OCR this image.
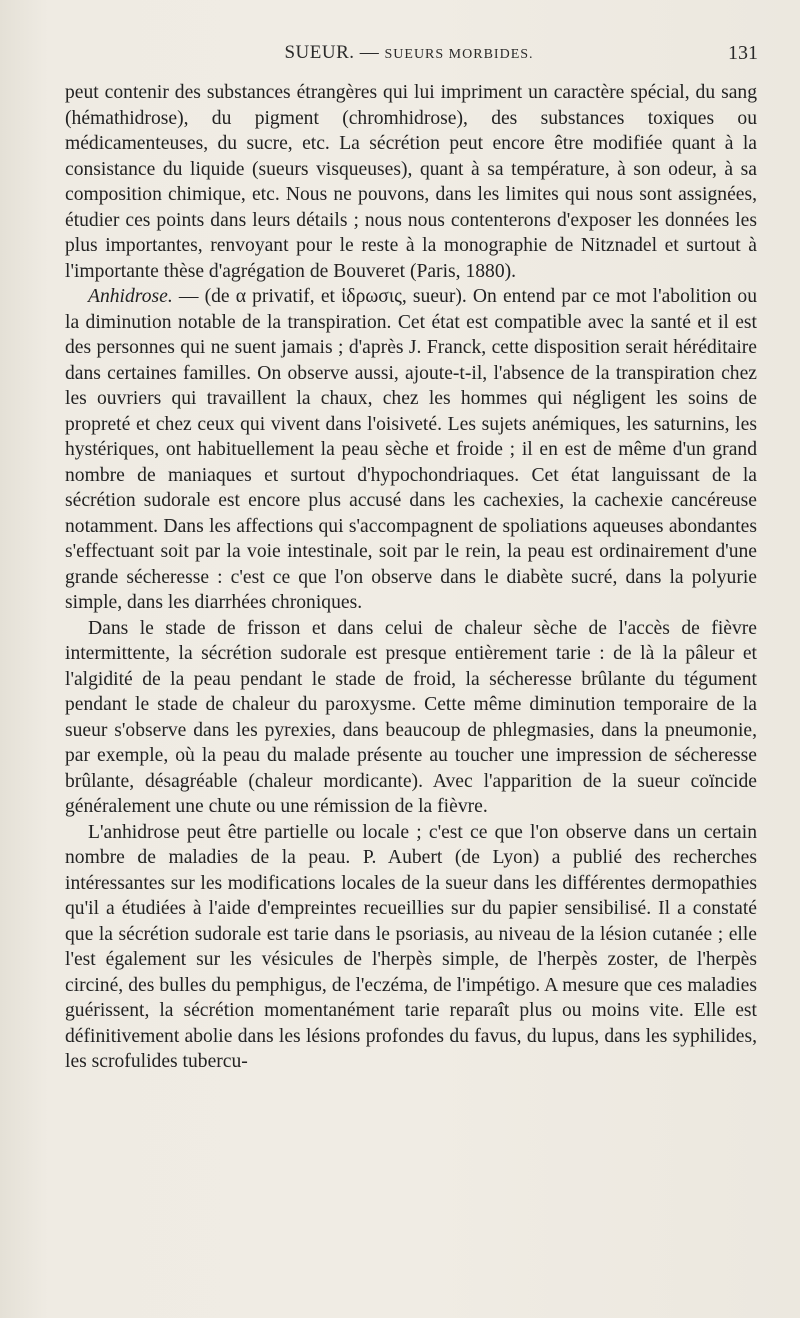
SUEUR. — SUEURS MORBIDES.	131

peut contenir des substances étrangères qui lui impriment un caractère spécial, du sang (hémathidrose), du pigment (chromhidrose), des substances toxiques ou médicamenteuses, du sucre, etc. La sécrétion peut encore être modifiée quant à la consistance du liquide (sueurs visqueuses), quant à sa température, à son odeur, à sa composition chimique, etc. Nous ne pouvons, dans les limites qui nous sont assignées, étudier ces points dans leurs détails ; nous nous contenterons d'exposer les données les plus importantes, renvoyant pour le reste à la monographie de Nitznadel et surtout à l'importante thèse d'agrégation de Bouveret (Paris, 1880).

Anhidrose. — (de α privatif, et ἱδρωσις, sueur). On entend par ce mot l'abolition ou la diminution notable de la transpiration. Cet état est compatible avec la santé et il est des personnes qui ne suent jamais ; d'après J. Franck, cette disposition serait héréditaire dans certaines familles. On observe aussi, ajoute-t-il, l'absence de la transpiration chez les ouvriers qui travaillent la chaux, chez les hommes qui négligent les soins de propreté et chez ceux qui vivent dans l'oisiveté. Les sujets anémiques, les saturnins, les hystériques, ont habituellement la peau sèche et froide ; il en est de même d'un grand nombre de maniaques et surtout d'hypochondriaques. Cet état languissant de la sécrétion sudorale est encore plus accusé dans les cachexies, la cachexie cancéreuse notamment. Dans les affections qui s'accompagnent de spoliations aqueuses abondantes s'effectuant soit par la voie intestinale, soit par le rein, la peau est ordinairement d'une grande sécheresse : c'est ce que l'on observe dans le diabète sucré, dans la polyurie simple, dans les diarrhées chroniques.

Dans le stade de frisson et dans celui de chaleur sèche de l'accès de fièvre intermittente, la sécrétion sudorale est presque entièrement tarie : de là la pâleur et l'algidité de la peau pendant le stade de froid, la sécheresse brûlante du tégument pendant le stade de chaleur du paroxysme. Cette même diminution temporaire de la sueur s'observe dans les pyrexies, dans beaucoup de phlegmasies, dans la pneumonie, par exemple, où la peau du malade présente au toucher une impression de sécheresse brûlante, désagréable (chaleur mordicante). Avec l'apparition de la sueur coïncide généralement une chute ou une rémission de la fièvre.

L'anhidrose peut être partielle ou locale ; c'est ce que l'on observe dans un certain nombre de maladies de la peau. P. Aubert (de Lyon) a publié des recherches intéressantes sur les modifications locales de la sueur dans les différentes dermopathies qu'il a étudiées à l'aide d'empreintes recueillies sur du papier sensibilisé. Il a constaté que la sécrétion sudorale est tarie dans le psoriasis, au niveau de la lésion cutanée ; elle l'est également sur les vésicules de l'herpès simple, de l'herpès zoster, de l'herpès circiné, des bulles du pemphigus, de l'eczéma, de l'impétigo. A mesure que ces maladies guérissent, la sécrétion momentanément tarie reparaît plus ou moins vite. Elle est définitivement abolie dans les lésions profondes du favus, du lupus, dans les syphilides, les scrofulides tubercu-
